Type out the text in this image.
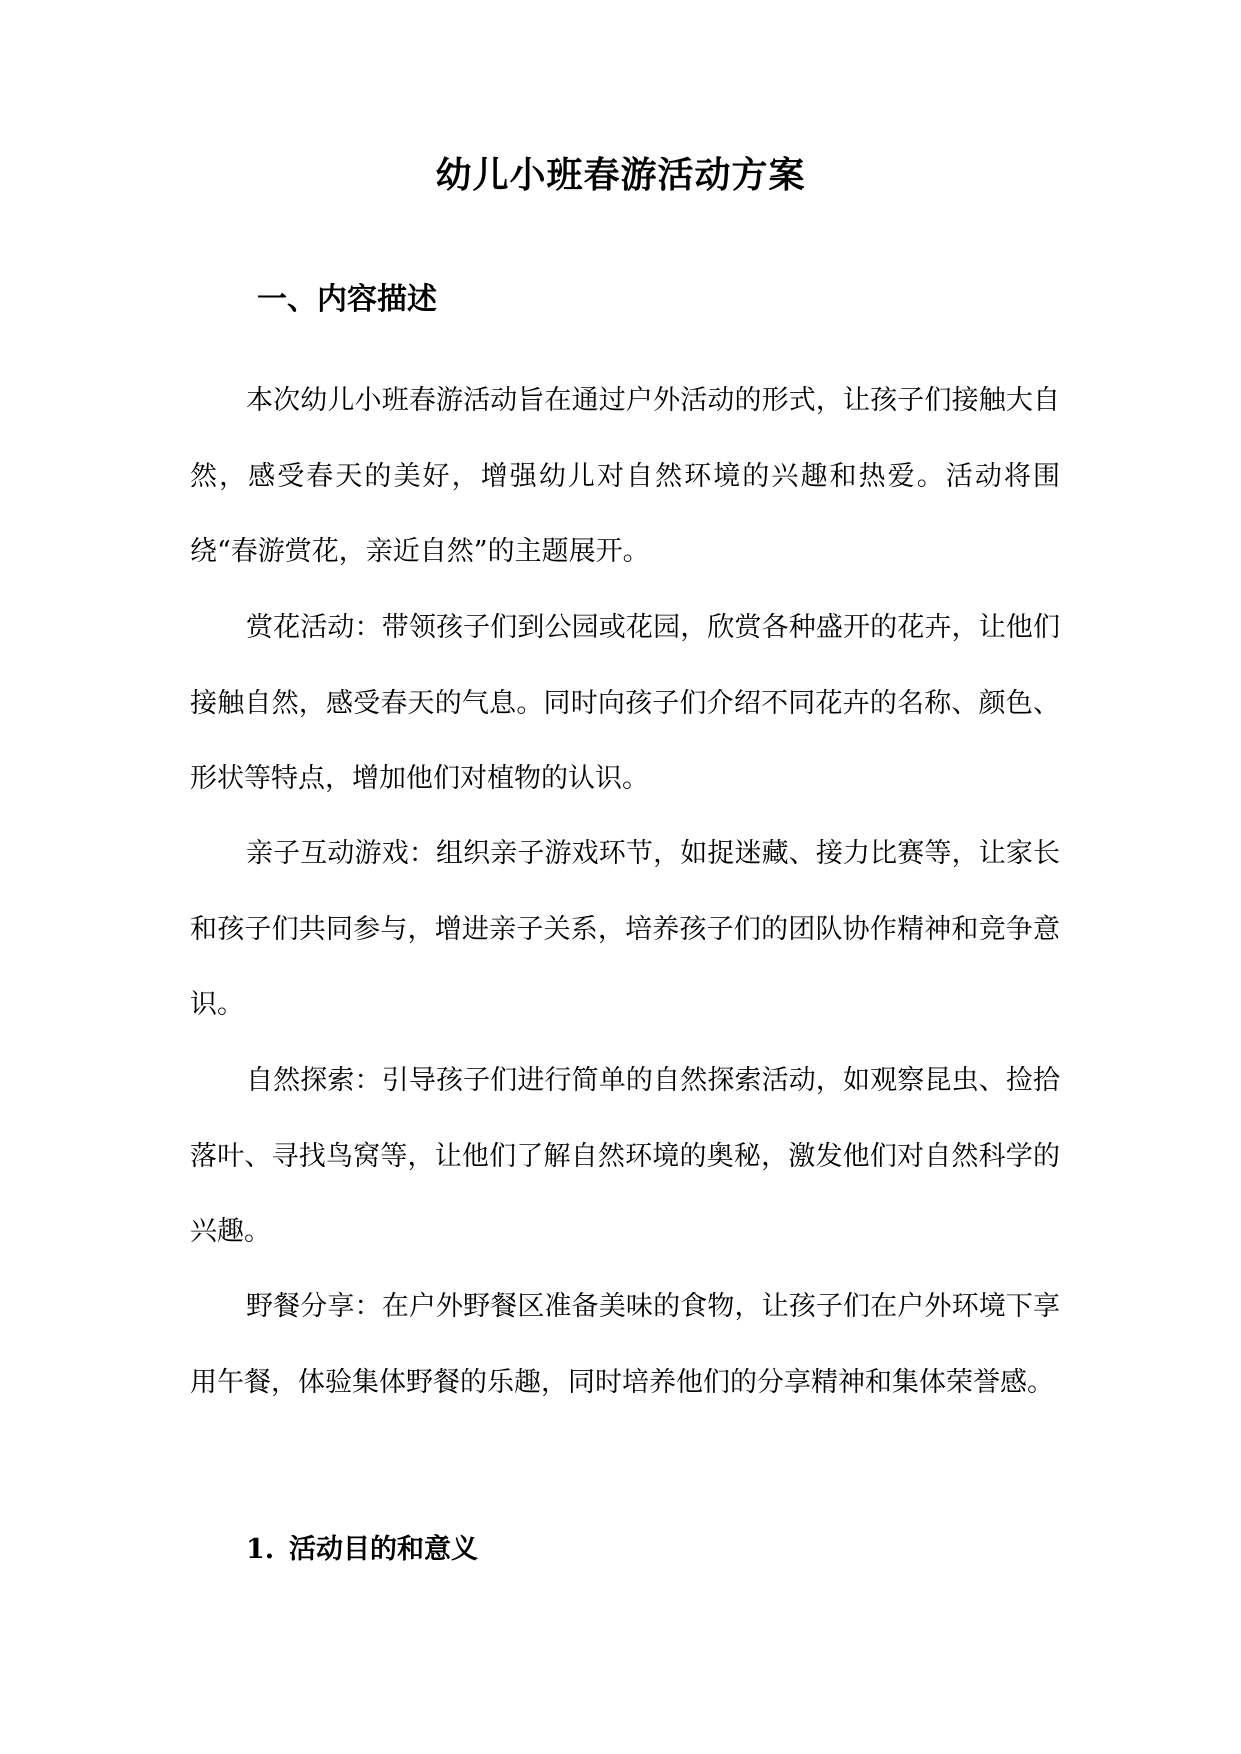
幼儿小班春游活动方案
一、内容描述

本次幼儿小班春游活动旨在通过户外活动的形式，让孩子们接触大自然，感受春天的美好，增强幼儿对自然环境的兴趣和热爱。活动将围绕“春游赏花，亲近自然”的主题展开。

赏花活动：带领孩子们到公园或花园，欣赏各种盛开的花卉，让他们接触自然，感受春天的气息。同时向孩子们介绍不同花卉的名称、颜色、形状等特点，增加他们对植物的认识。

亲子互动游戏：组织亲子游戏环节，如捉迷藏、接力比赛等，让家长和孩子们共同参与，增进亲子关系，培养孩子们的团队协作精神和竞争意识。

自然探索：引导孩子们进行简单的自然探索活动，如观察昆虫、捡拾落叶、寻找鸟窝等，让他们了解自然环境的奥秘，激发他们对自然科学的兴趣。

野餐分享：在户外野餐区准备美味的食物，让孩子们在户外环境下享用午餐，体验集体野餐的乐趣，同时培养他们的分享精神和集体荣誉感。

1. 活动目的和意义
